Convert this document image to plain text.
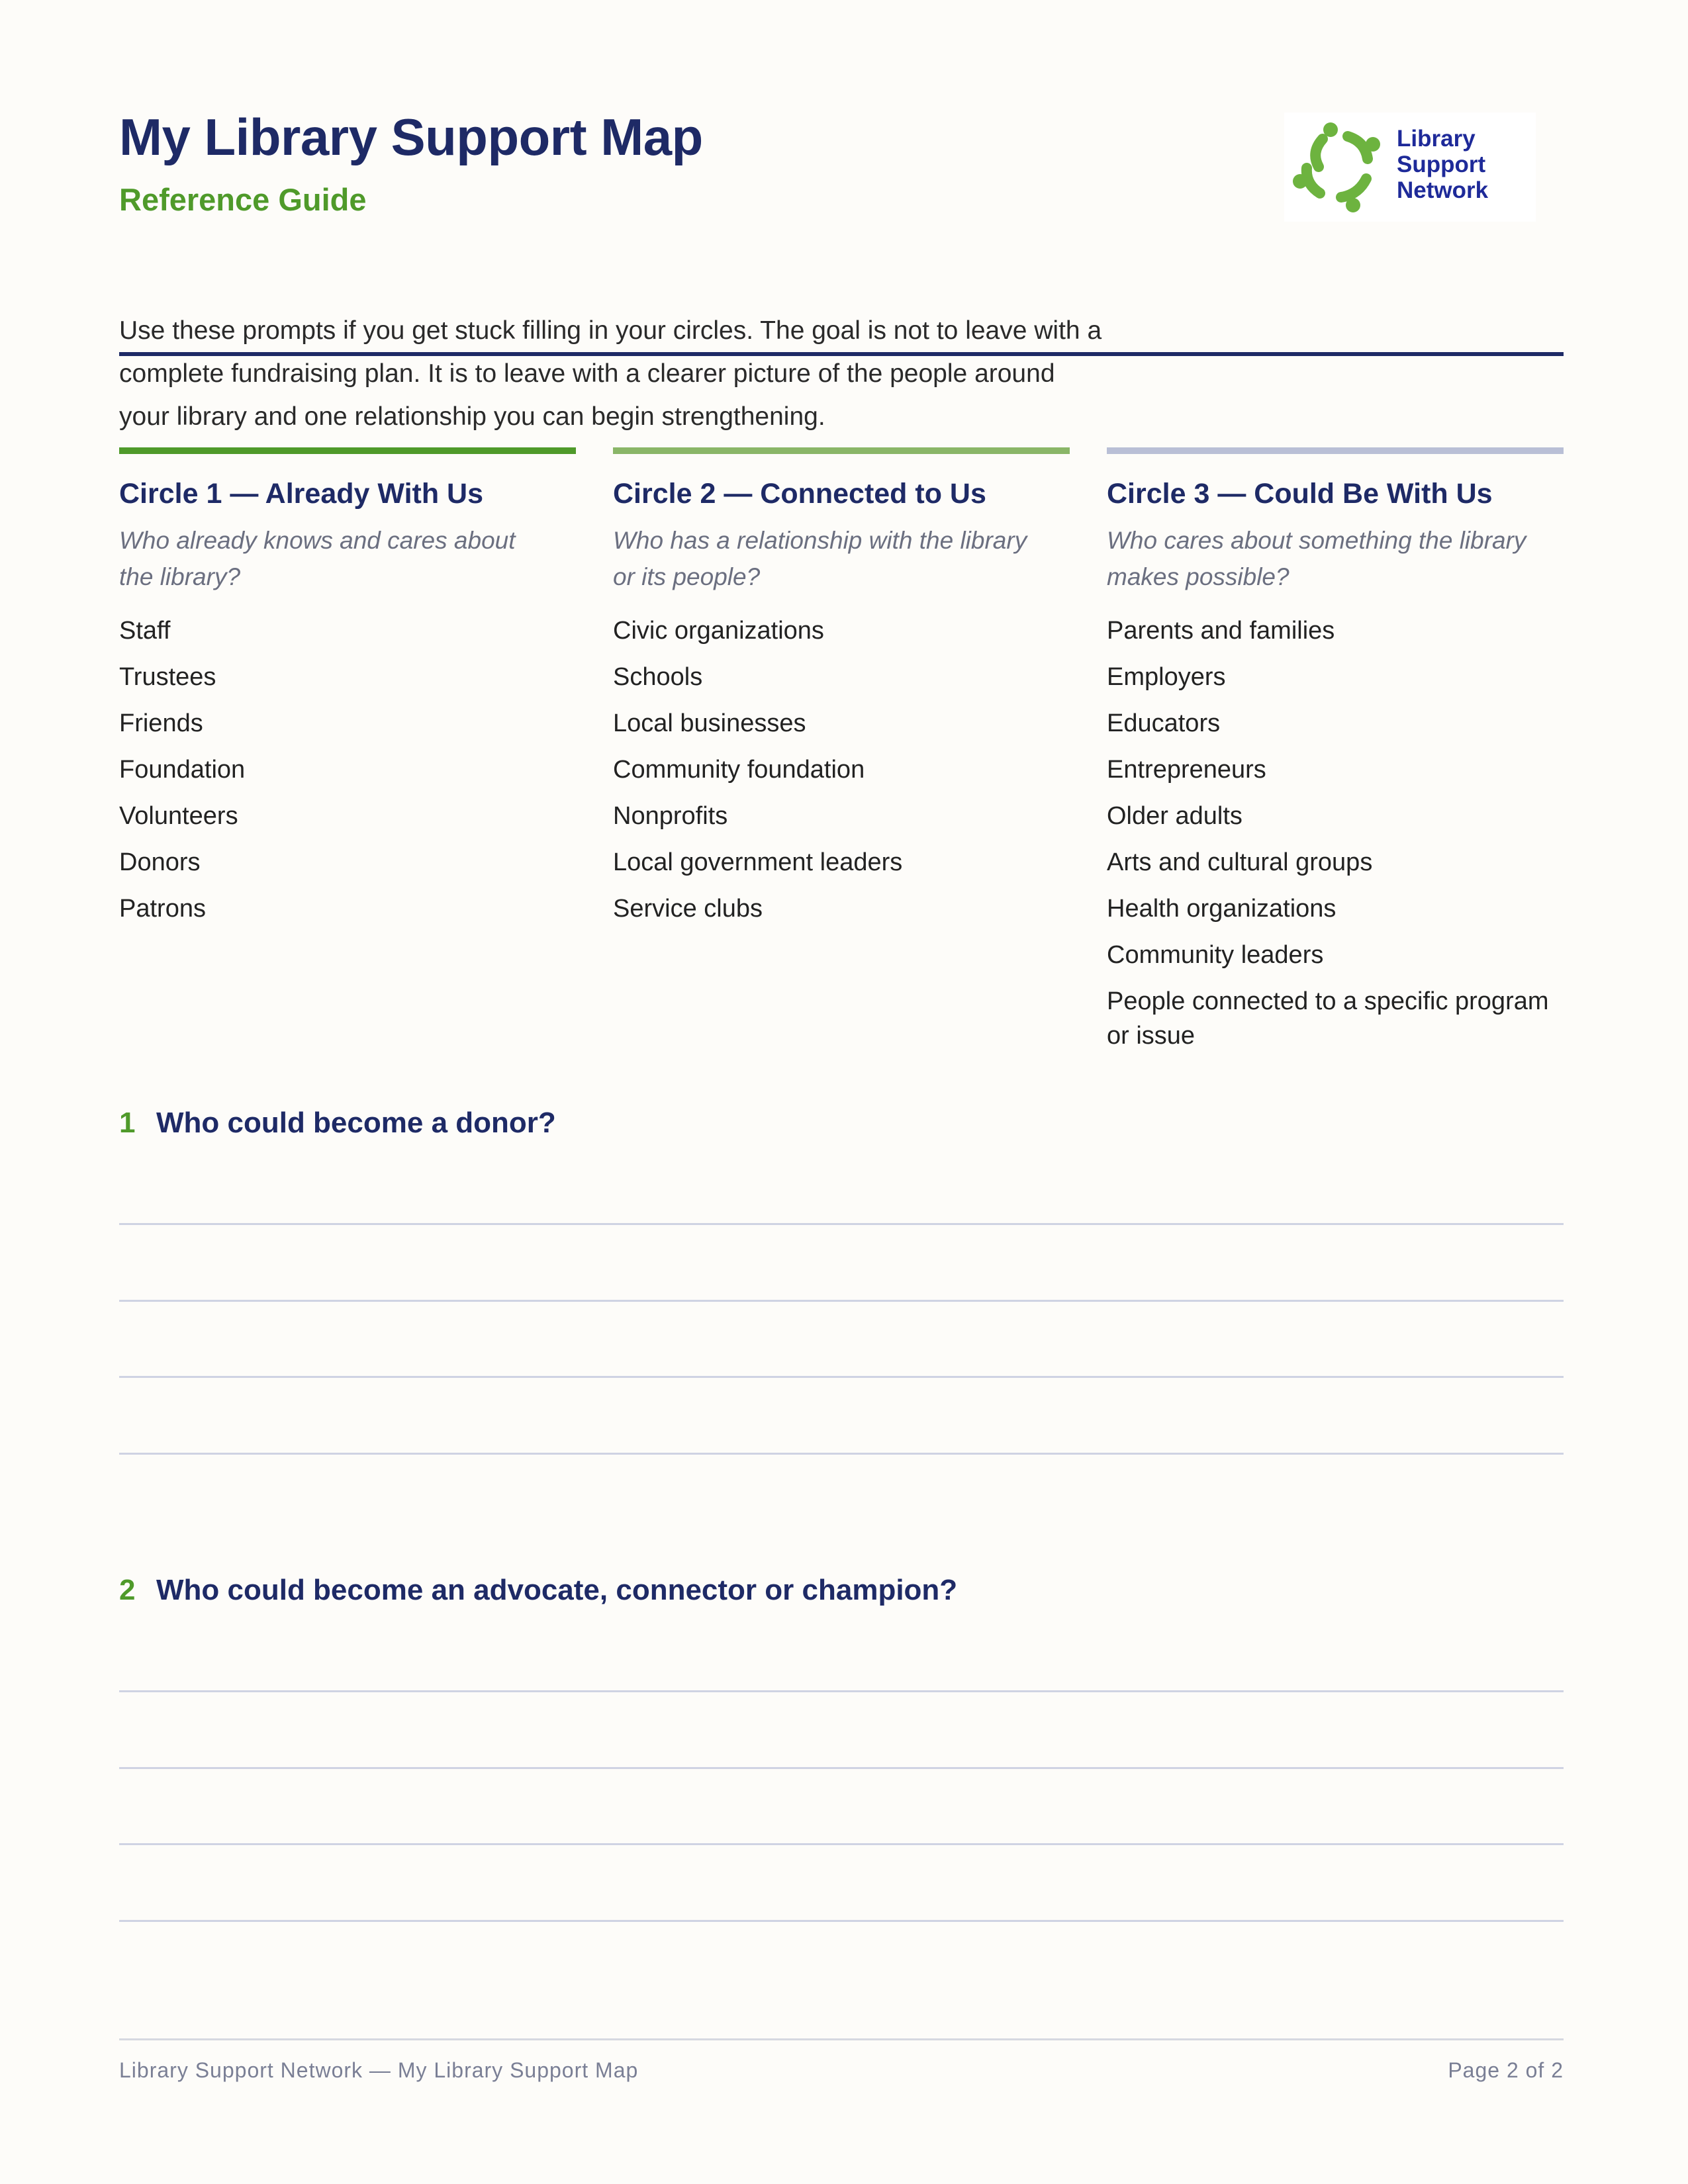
My Library Support Map
Reference Guide
Library
Support
Network

Use these prompts if you get stuck filling in your circles. The goal is not to leave with a complete fundraising plan. It is to leave with a clearer picture of the people around your library and one relationship you can begin strengthening.

Circle 1 — Already With Us
Who already knows and cares about the library?
Staff
Trustees
Friends
Foundation
Volunteers
Donors
Patrons
Circle 2 — Connected to Us
Who has a relationship with the library or its people?
Civic organizations
Schools
Local businesses
Community foundation
Nonprofits
Local government leaders
Service clubs
Circle 3 — Could Be With Us
Who cares about something the library makes possible?
Parents and families
Employers
Educators
Entrepreneurs
Older adults
Arts and cultural groups
Health organizations
Community leaders
People connected to a specific program or issue
1 Who could become a donor?
2 Who could become an advocate, connector or champion?
Library Support Network — My Library Support Map	Page 2 of 2
